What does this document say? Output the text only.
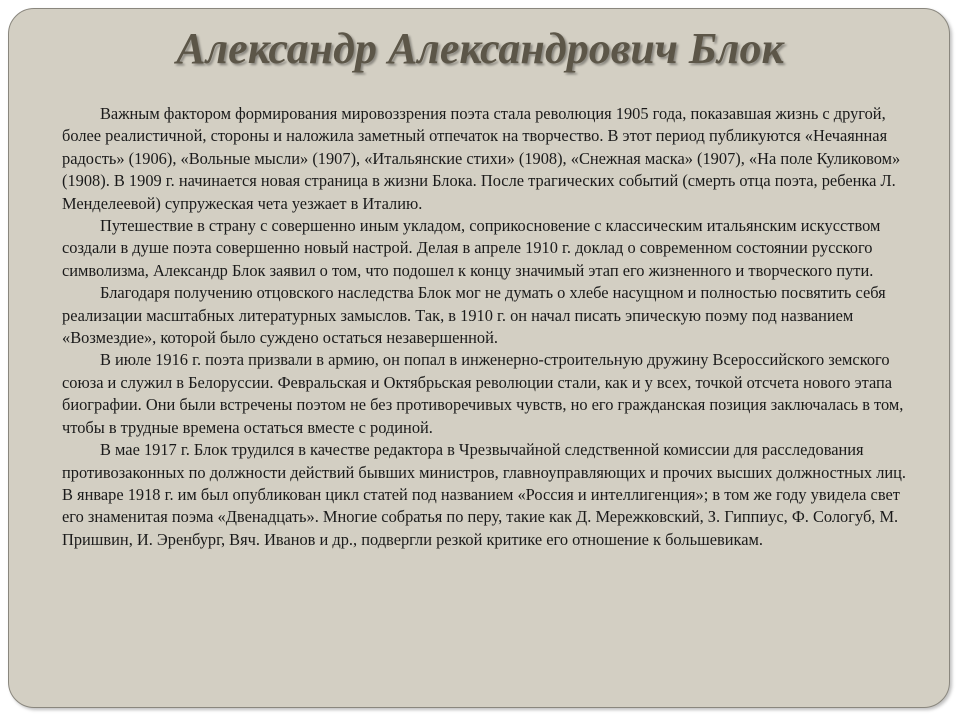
Александр Александрович Блок

Важным фактором формирования мировоззрения поэта стала революция 1905 года, показавшая жизнь с другой, более реалистичной, стороны и наложила заметный отпечаток на творчество. В этот период публикуются «Нечаянная радость» (1906), «Вольные мысли» (1907), «Итальянские стихи» (1908), «Снежная маска» (1907), «На поле Куликовом» (1908). В 1909 г. начинается новая страница в жизни Блока. После трагических событий (смерть отца поэта, ребенка Л. Менделеевой) супружеская чета уезжает в Италию.

Путешествие в страну с совершенно иным укладом, соприкосновение с классическим итальянским искусством создали в душе поэта совершенно новый настрой. Делая в апреле 1910 г. доклад о современном состоянии русского символизма, Александр Блок заявил о том, что подошел к концу значимый этап его жизненного и творческого пути.

Благодаря получению отцовского наследства Блок мог не думать о хлебе насущном и полностью посвятить себя реализации масштабных литературных замыслов. Так, в 1910 г. он начал писать эпическую поэму под названием «Возмездие», которой было суждено остаться незавершенной.

В июле 1916 г. поэта призвали в армию, он попал в инженерно-строительную дружину Всероссийского земского союза и служил в Белоруссии. Февральская и Октябрьская революции стали, как и у всех, точкой отсчета нового этапа биографии. Они были встречены поэтом не без противоречивых чувств, но его гражданская позиция заключалась в том, чтобы в трудные времена остаться вместе с родиной.

В мае 1917 г. Блок трудился в качестве редактора в Чрезвычайной следственной комиссии для расследования противозаконных по должности действий бывших министров, главноуправляющих и прочих высших должностных лиц. В январе 1918 г. им был опубликован цикл статей под названием «Россия и интеллигенция»; в том же году увидела свет его знаменитая поэма «Двенадцать». Многие собратья по перу, такие как Д. Мережковский, З. Гиппиус, Ф. Сологуб, М. Пришвин, И. Эренбург, Вяч. Иванов и др., подвергли резкой критике его отношение к большевикам.
